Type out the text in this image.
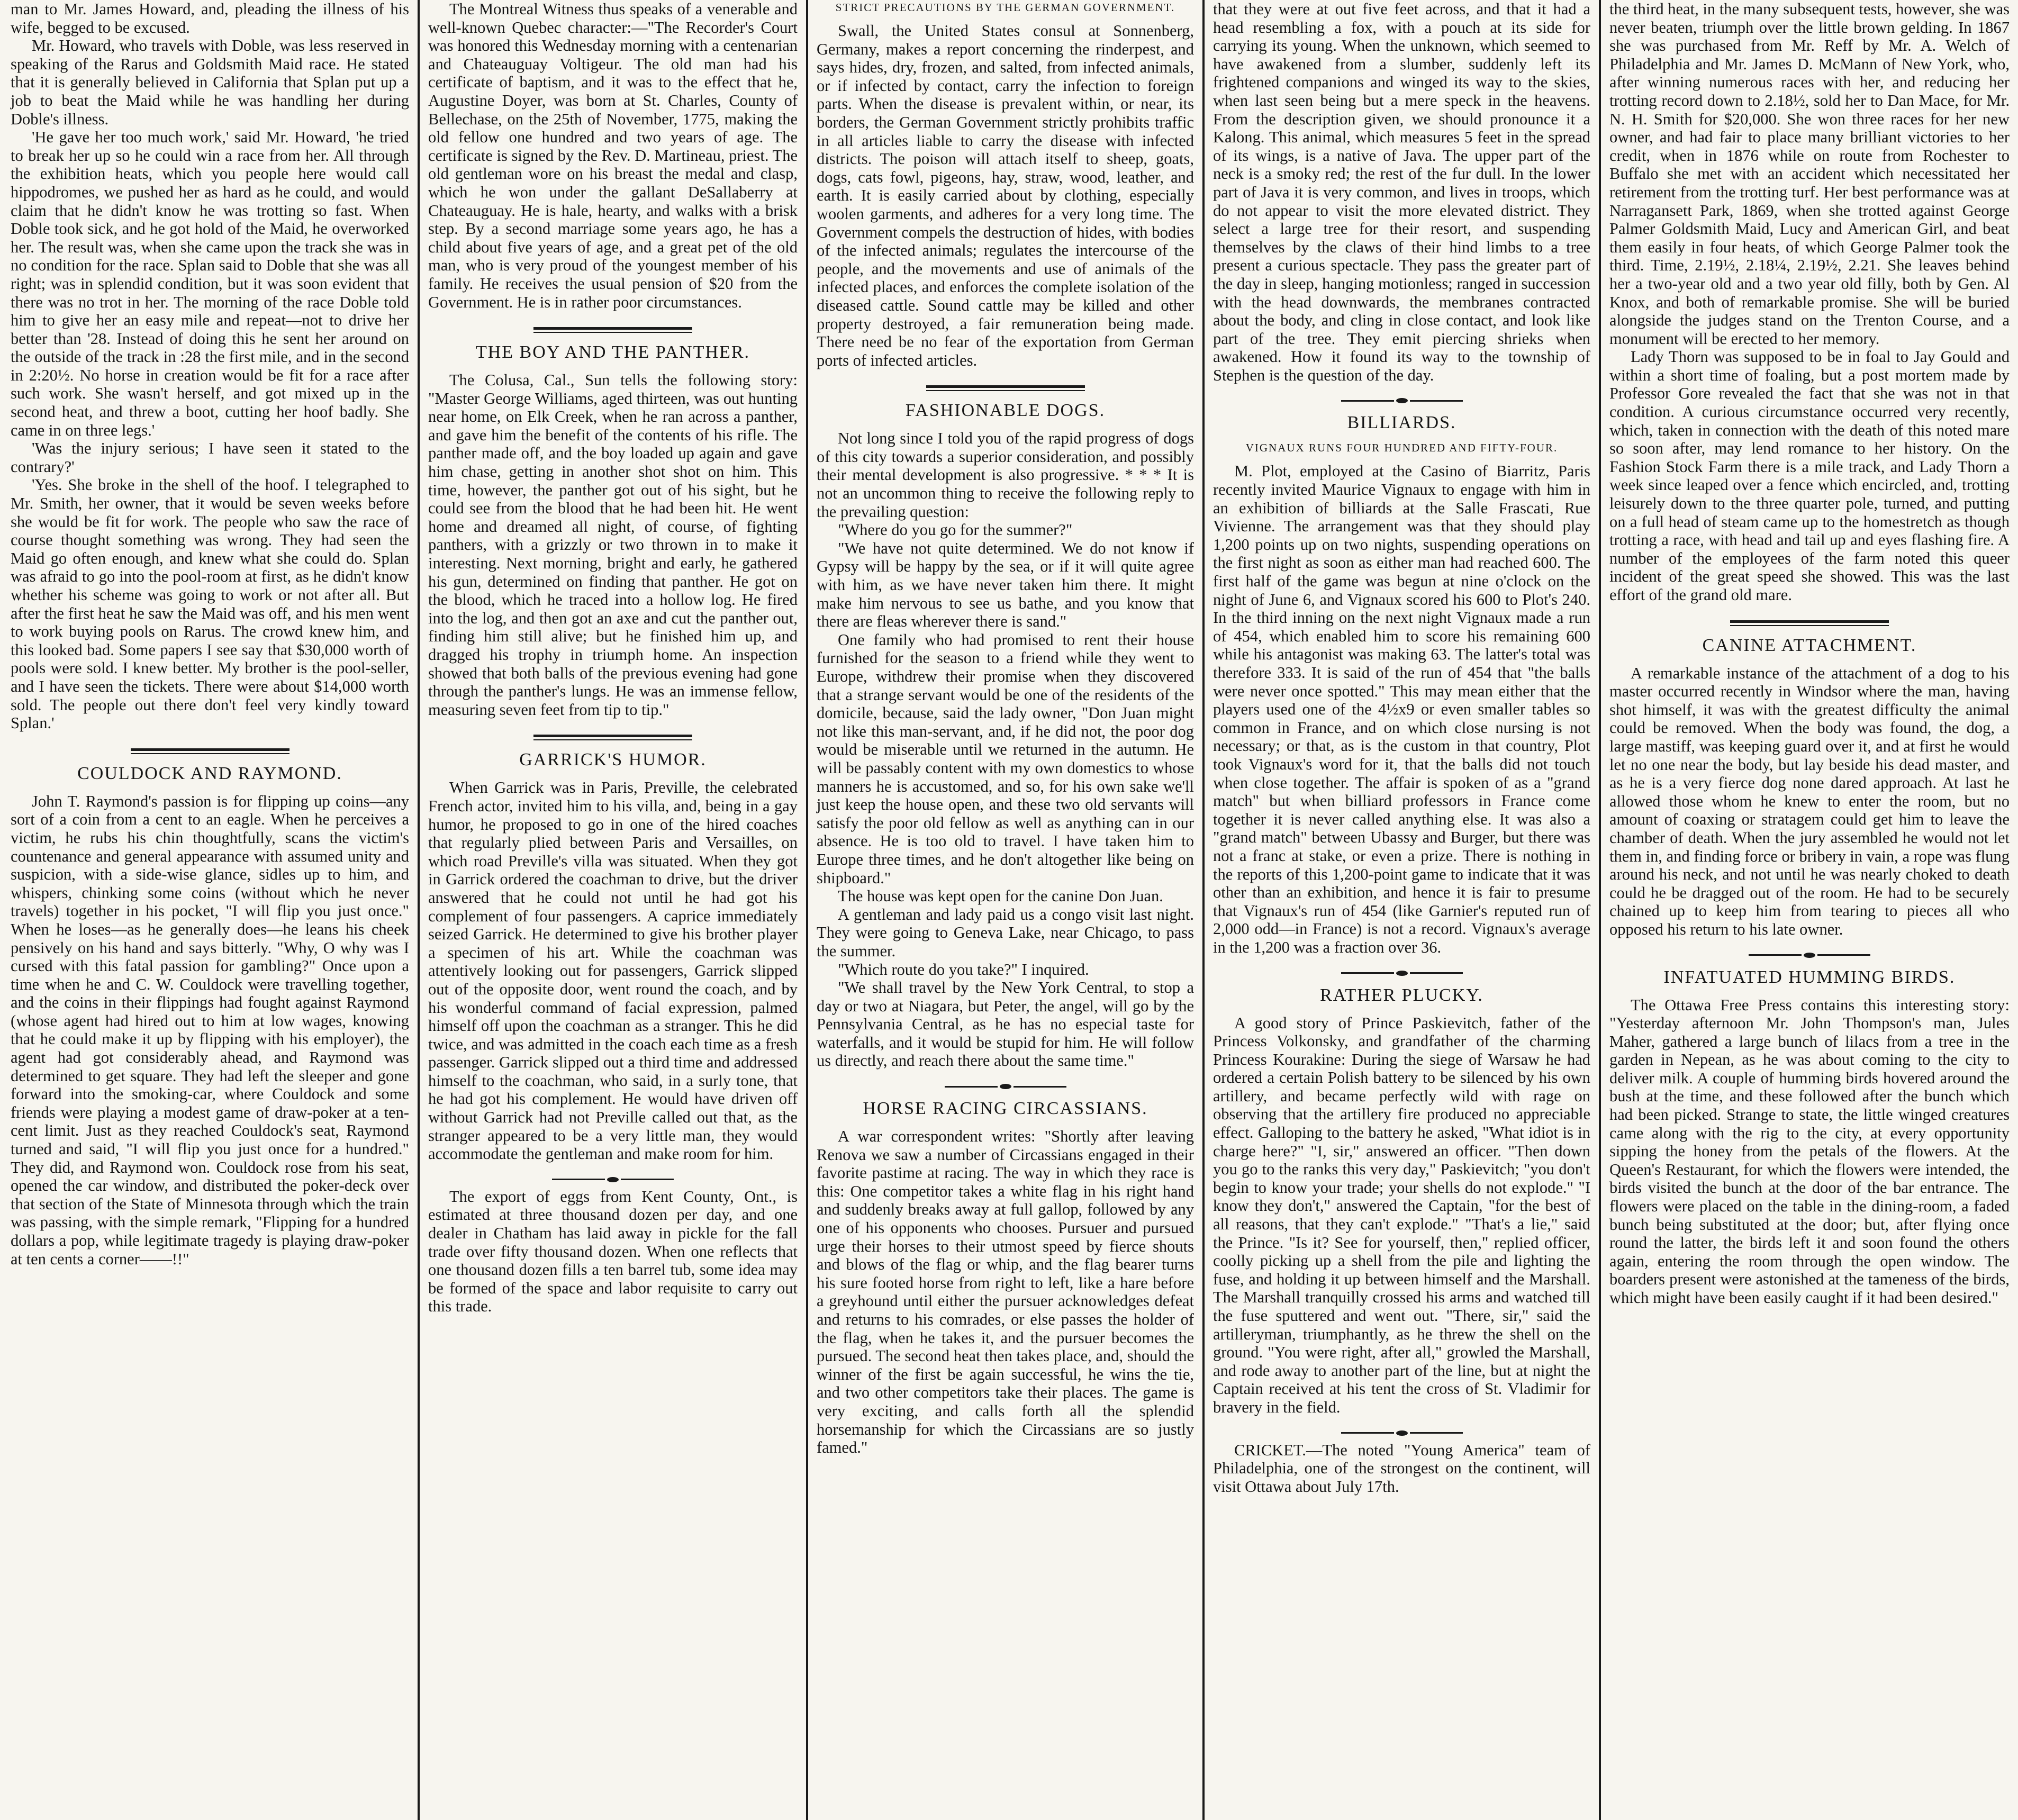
man to Mr. James Howard, and, pleading the illness of his wife, begged to be excused.

Mr. Howard, who travels with Doble, was less reserved in speaking of the Rarus and Goldsmith Maid race. He stated that it is generally believed in California that Splan put up a job to beat the Maid while he was handling her during Doble's illness.

'He gave her too much work,' said Mr. Howard, 'he tried to break her up so he could win a race from her. All through the exhibition heats, which you people here would call hippodromes, we pushed her as hard as he could, and would claim that he didn't know he was trotting so fast. When Doble took sick, and he got hold of the Maid, he overworked her. The result was, when she came upon the track she was in no condition for the race. Splan said to Doble that she was all right; was in splendid condition, but it was soon evident that there was no trot in her. The morning of the race Doble told him to give her an easy mile and repeat—not to drive her better than '28. Instead of doing this he sent her around on the outside of the track in :28 the first mile, and in the second in 2:20½. No horse in creation would be fit for a race after such work. She wasn't herself, and got mixed up in the second heat, and threw a boot, cutting her hoof badly. She came in on three legs.'

'Was the injury serious; I have seen it stated to the contrary?'

'Yes. She broke in the shell of the hoof. I telegraphed to Mr. Smith, her owner, that it would be seven weeks before she would be fit for work. The people who saw the race of course thought something was wrong. They had seen the Maid go often enough, and knew what she could do. Splan was afraid to go into the pool-room at first, as he didn't know whether his scheme was going to work or not after all. But after the first heat he saw the Maid was off, and his men went to work buying pools on Rarus. The crowd knew him, and this looked bad. Some papers I see say that $30,000 worth of pools were sold. I knew better. My brother is the pool-seller, and I have seen the tickets. There were about $14,000 worth sold. The people out there don't feel very kindly toward Splan.'

COULDOCK AND RAYMOND.

John T. Raymond's passion is for flipping up coins—any sort of a coin from a cent to an eagle. When he perceives a victim, he rubs his chin thoughtfully, scans the victim's countenance and general appearance with assumed unity and suspicion, with a side-wise glance, sidles up to him, and whispers, chinking some coins (without which he never travels) together in his pocket, "I will flip you just once." When he loses—as he generally does—he leans his cheek pensively on his hand and says bitterly. "Why, O why was I cursed with this fatal passion for gambling?" Once upon a time when he and C. W. Couldock were travelling together, and the coins in their flippings had fought against Raymond (whose agent had hired out to him at low wages, knowing that he could make it up by flipping with his employer), the agent had got considerably ahead, and Raymond was determined to get square. They had left the sleeper and gone forward into the smoking-car, where Couldock and some friends were playing a modest game of draw-poker at a ten-cent limit. Just as they reached Couldock's seat, Raymond turned and said, "I will flip you just once for a hundred." They did, and Raymond won. Couldock rose from his seat, opened the car window, and distributed the poker-deck over that section of the State of Minnesota through which the train was passing, with the simple remark, "Flipping for a hundred dollars a pop, while legitimate tragedy is playing draw-poker at ten cents a corner——!!"

The Montreal Witness thus speaks of a venerable and well-known Quebec character:—"The Recorder's Court was honored this Wednesday morning with a centenarian and Chateauguay Voltigeur. The old man had his certificate of baptism, and it was to the effect that he, Augustine Doyer, was born at St. Charles, County of Bellechase, on the 25th of November, 1775, making the old fellow one hundred and two years of age. The certificate is signed by the Rev. D. Martineau, priest. The old gentleman wore on his breast the medal and clasp, which he won under the gallant DeSallaberry at Chateauguay. He is hale, hearty, and walks with a brisk step. By a second marriage some years ago, he has a child about five years of age, and a great pet of the old man, who is very proud of the youngest member of his family. He receives the usual pension of $20 from the Government. He is in rather poor circumstances.

THE BOY AND THE PANTHER.

The Colusa, Cal., Sun tells the following story: "Master George Williams, aged thirteen, was out hunting near home, on Elk Creek, when he ran across a panther, and gave him the benefit of the contents of his rifle. The panther made off, and the boy loaded up again and gave him chase, getting in another shot shot on him. This time, however, the panther got out of his sight, but he could see from the blood that he had been hit. He went home and dreamed all night, of course, of fighting panthers, with a grizzly or two thrown in to make it interesting. Next morning, bright and early, he gathered his gun, determined on finding that panther. He got on the blood, which he traced into a hollow log. He fired into the log, and then got an axe and cut the panther out, finding him still alive; but he finished him up, and dragged his trophy in triumph home. An inspection showed that both balls of the previous evening had gone through the panther's lungs. He was an immense fellow, measuring seven feet from tip to tip."

GARRICK'S HUMOR.

When Garrick was in Paris, Preville, the celebrated French actor, invited him to his villa, and, being in a gay humor, he proposed to go in one of the hired coaches that regularly plied between Paris and Versailles, on which road Preville's villa was situated. When they got in Garrick ordered the coachman to drive, but the driver answered that he could not until he had got his complement of four passengers. A caprice immediately seized Garrick. He determined to give his brother player a specimen of his art. While the coachman was attentively looking out for passengers, Garrick slipped out of the opposite door, went round the coach, and by his wonderful command of facial expression, palmed himself off upon the coachman as a stranger. This he did twice, and was admitted in the coach each time as a fresh passenger. Garrick slipped out a third time and addressed himself to the coachman, who said, in a surly tone, that he had got his complement. He would have driven off without Garrick had not Preville called out that, as the stranger appeared to be a very little man, they would accommodate the gentleman and make room for him.

The export of eggs from Kent County, Ont., is estimated at three thousand dozen per day, and one dealer in Chatham has laid away in pickle for the fall trade over fifty thousand dozen. When one reflects that one thousand dozen fills a ten barrel tub, some idea may be formed of the space and labor requisite to carry out this trade.

STRICT PRECAUTIONS BY THE GERMAN GOVERNMENT.

Swall, the United States consul at Sonnenberg, Germany, makes a report concerning the rinderpest, and says hides, dry, frozen, and salted, from infected animals, or if infected by contact, carry the infection to foreign parts. When the disease is prevalent within, or near, its borders, the German Government strictly prohibits traffic in all articles liable to carry the disease with infected districts. The poison will attach itself to sheep, goats, dogs, cats fowl, pigeons, hay, straw, wood, leather, and earth. It is easily carried about by clothing, especially woolen garments, and adheres for a very long time. The Government compels the destruction of hides, with bodies of the infected animals; regulates the intercourse of the people, and the movements and use of animals of the infected places, and enforces the complete isolation of the diseased cattle. Sound cattle may be killed and other property destroyed, a fair remuneration being made. There need be no fear of the exportation from German ports of infected articles.

FASHIONABLE DOGS.

Not long since I told you of the rapid progress of dogs of this city towards a superior consideration, and possibly their mental development is also progressive. * * * It is not an uncommon thing to receive the following reply to the prevailing question:

"Where do you go for the summer?"

"We have not quite determined. We do not know if Gypsy will be happy by the sea, or if it will quite agree with him, as we have never taken him there. It might make him nervous to see us bathe, and you know that there are fleas wherever there is sand."

One family who had promised to rent their house furnished for the season to a friend while they went to Europe, withdrew their promise when they discovered that a strange servant would be one of the residents of the domicile, because, said the lady owner, "Don Juan might not like this man-servant, and, if he did not, the poor dog would be miserable until we returned in the autumn. He will be passably content with my own domestics to whose manners he is accustomed, and so, for his own sake we'll just keep the house open, and these two old servants will satisfy the poor old fellow as well as anything can in our absence. He is too old to travel. I have taken him to Europe three times, and he don't altogether like being on shipboard."

The house was kept open for the canine Don Juan.

A gentleman and lady paid us a congo visit last night. They were going to Geneva Lake, near Chicago, to pass the summer.

"Which route do you take?" I inquired.

"We shall travel by the New York Central, to stop a day or two at Niagara, but Peter, the angel, will go by the Pennsylvania Central, as he has no especial taste for waterfalls, and it would be stupid for him. He will follow us directly, and reach there about the same time."

HORSE RACING CIRCASSIANS.

A war correspondent writes: "Shortly after leaving Renova we saw a number of Circassians engaged in their favorite pastime at racing. The way in which they race is this: One competitor takes a white flag in his right hand and suddenly breaks away at full gallop, followed by any one of his opponents who chooses. Pursuer and pursued urge their horses to their utmost speed by fierce shouts and blows of the flag or whip, and the flag bearer turns his sure footed horse from right to left, like a hare before a greyhound until either the pursuer acknowledges defeat and returns to his comrades, or else passes the holder of the flag, when he takes it, and the pursuer becomes the pursued. The second heat then takes place, and, should the winner of the first be again successful, he wins the tie, and two other competitors take their places. The game is very exciting, and calls forth all the splendid horsemanship for which the Circassians are so justly famed."

that they were at out five feet across, and that it had a head resembling a fox, with a pouch at its side for carrying its young. When the unknown, which seemed to have awakened from a slumber, suddenly left its frightened companions and winged its way to the skies, when last seen being but a mere speck in the heavens. From the description given, we should pronounce it a Kalong. This animal, which measures 5 feet in the spread of its wings, is a native of Java. The upper part of the neck is a smoky red; the rest of the fur dull. In the lower part of Java it is very common, and lives in troops, which do not appear to visit the more elevated district. They select a large tree for their resort, and suspending themselves by the claws of their hind limbs to a tree present a curious spectacle. They pass the greater part of the day in sleep, hanging motionless; ranged in succession with the head downwards, the membranes contracted about the body, and cling in close contact, and look like part of the tree. They emit piercing shrieks when awakened. How it found its way to the township of Stephen is the question of the day.

BILLIARDS.
VIGNAUX RUNS FOUR HUNDRED AND FIFTY-FOUR.

M. Plot, employed at the Casino of Biarritz, Paris recently invited Maurice Vignaux to engage with him in an exhibition of billiards at the Salle Frascati, Rue Vivienne. The arrangement was that they should play 1,200 points up on two nights, suspending operations on the first night as soon as either man had reached 600. The first half of the game was begun at nine o'clock on the night of June 6, and Vignaux scored his 600 to Plot's 240. In the third inning on the next night Vignaux made a run of 454, which enabled him to score his remaining 600 while his antagonist was making 63. The latter's total was therefore 333. It is said of the run of 454 that "the balls were never once spotted." This may mean either that the players used one of the 4½x9 or even smaller tables so common in France, and on which close nursing is not necessary; or that, as is the custom in that country, Plot took Vignaux's word for it, that the balls did not touch when close together. The affair is spoken of as a "grand match" but when billiard professors in France come together it is never called anything else. It was also a "grand match" between Ubassy and Burger, but there was not a franc at stake, or even a prize. There is nothing in the reports of this 1,200-point game to indicate that it was other than an exhibition, and hence it is fair to presume that Vignaux's run of 454 (like Garnier's reputed run of 2,000 odd—in France) is not a record. Vignaux's average in the 1,200 was a fraction over 36.

RATHER PLUCKY.

A good story of Prince Paskievitch, father of the Princess Volkonsky, and grandfather of the charming Princess Kourakine: During the siege of Warsaw he had ordered a certain Polish battery to be silenced by his own artillery, and became perfectly wild with rage on observing that the artillery fire produced no appreciable effect. Galloping to the battery he asked, "What idiot is in charge here?" "I, sir," answered an officer. "Then down you go to the ranks this very day," Paskievitch; "you don't begin to know your trade; your shells do not explode." "I know they don't," answered the Captain, "for the best of all reasons, that they can't explode." "That's a lie," said the Prince. "Is it? See for yourself, then," replied officer, coolly picking up a shell from the pile and lighting the fuse, and holding it up between himself and the Marshall. The Marshall tranquilly crossed his arms and watched till the fuse sputtered and went out. "There, sir," said the artilleryman, triumphantly, as he threw the shell on the ground. "You were right, after all," growled the Marshall, and rode away to another part of the line, but at night the Captain received at his tent the cross of St. Vladimir for bravery in the field.

CRICKET.—The noted "Young America" team of Philadelphia, one of the strongest on the continent, will visit Ottawa about July 17th.

the third heat, in the many subsequent tests, however, she was never beaten, triumph over the little brown gelding. In 1867 she was purchased from Mr. Reff by Mr. A. Welch of Philadelphia and Mr. James D. McMann of New York, who, after winning numerous races with her, and reducing her trotting record down to 2.18½, sold her to Dan Mace, for Mr. N. H. Smith for $20,000. She won three races for her new owner, and had fair to place many brilliant victories to her credit, when in 1876 while on route from Rochester to Buffalo she met with an accident which necessitated her retirement from the trotting turf. Her best performance was at Narragansett Park, 1869, when she trotted against George Palmer Goldsmith Maid, Lucy and American Girl, and beat them easily in four heats, of which George Palmer took the third. Time, 2.19½, 2.18¼, 2.19½, 2.21. She leaves behind her a two-year old and a two year old filly, both by Gen. Al Knox, and both of remarkable promise. She will be buried alongside the judges stand on the Trenton Course, and a monument will be erected to her memory.

Lady Thorn was supposed to be in foal to Jay Gould and within a short time of foaling, but a post mortem made by Professor Gore revealed the fact that she was not in that condition. A curious circumstance occurred very recently, which, taken in connection with the death of this noted mare so soon after, may lend romance to her history. On the Fashion Stock Farm there is a mile track, and Lady Thorn a week since leaped over a fence which encircled, and, trotting leisurely down to the three quarter pole, turned, and putting on a full head of steam came up to the homestretch as though trotting a race, with head and tail up and eyes flashing fire. A number of the employees of the farm noted this queer incident of the great speed she showed. This was the last effort of the grand old mare.

CANINE ATTACHMENT.

A remarkable instance of the attachment of a dog to his master occurred recently in Windsor where the man, having shot himself, it was with the greatest difficulty the animal could be removed. When the body was found, the dog, a large mastiff, was keeping guard over it, and at first he would let no one near the body, but lay beside his dead master, and as he is a very fierce dog none dared approach. At last he allowed those whom he knew to enter the room, but no amount of coaxing or stratagem could get him to leave the chamber of death. When the jury assembled he would not let them in, and finding force or bribery in vain, a rope was flung around his neck, and not until he was nearly choked to death could he be dragged out of the room. He had to be securely chained up to keep him from tearing to pieces all who opposed his return to his late owner.

INFATUATED HUMMING BIRDS.

The Ottawa Free Press contains this interesting story: "Yesterday afternoon Mr. John Thompson's man, Jules Maher, gathered a large bunch of lilacs from a tree in the garden in Nepean, as he was about coming to the city to deliver milk. A couple of humming birds hovered around the bush at the time, and these followed after the bunch which had been picked. Strange to state, the little winged creatures came along with the rig to the city, at every opportunity sipping the honey from the petals of the flowers. At the Queen's Restaurant, for which the flowers were intended, the birds visited the bunch at the door of the bar entrance. The flowers were placed on the table in the dining-room, a faded bunch being substituted at the door; but, after flying once round the latter, the birds left it and soon found the others again, entering the room through the open window. The boarders present were astonished at the tameness of the birds, which might have been easily caught if it had been desired."
